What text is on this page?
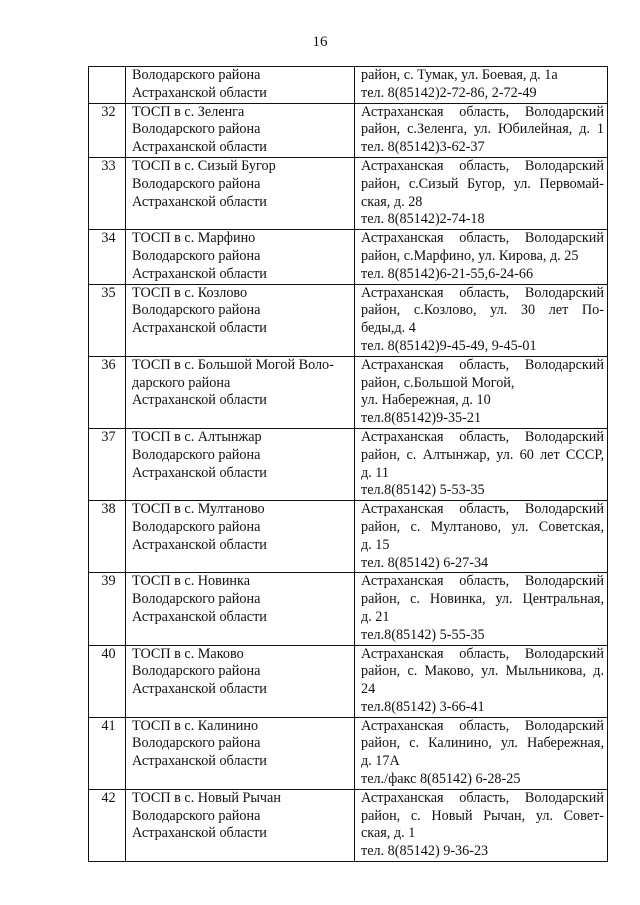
16

	Володарского района
Астраханской области	район, с. Тумак, ул. Боевая, д. 1а
тел. 8(85142)2-72-86, 2-72-49

32	ТОСП в с. Зеленга
Володарского района
Астраханской области	Астраханская область, Володарский
район, с.Зеленга, ул. Юбилейная, д. 1
тел. 8(85142)3-62-37

33	ТОСП в с. Сизый Бугор
Володарского района
Астраханской области	Астраханская область, Володарский
район, с.Сизый Бугор, ул. Первомай-
ская, д. 28
тел. 8(85142)2-74-18

34	ТОСП в с. Марфино
Володарского района
Астраханской области	Астраханская область, Володарский
район, с.Марфино, ул. Кирова, д. 25
тел. 8(85142)6-21-55,6-24-66

35	ТОСП в с. Козлово
Володарского района
Астраханской области	Астраханская область, Володарский
район, с.Козлово, ул. 30 лет По-
беды,д. 4
тел. 8(85142)9-45-49, 9-45-01

36	ТОСП в с. Большой Могой Воло-
дарского района
Астраханской области	Астраханская область, Володарский
район, с.Большой Могой,
ул. Набережная, д. 10
тел.8(85142)9-35-21

37	ТОСП в с. Алтынжар
Володарского района
Астраханской области	Астраханская область, Володарский
район, с. Алтынжар, ул. 60 лет СССР,
д. 11
тел.8(85142) 5-53-35

38	ТОСП в с. Мултаново
Володарского района
Астраханской области	Астраханская область, Володарский
район, с. Мултаново, ул. Советская,
д. 15
тел. 8(85142) 6-27-34

39	ТОСП в с. Новинка
Володарского района
Астраханской области	Астраханская область, Володарский
район, с. Новинка, ул. Центральная,
д. 21
тел.8(85142) 5-55-35

40	ТОСП в с. Маково
Володарского района
Астраханской области	Астраханская область, Володарский
район, с. Маково, ул. Мыльникова, д.
24
тел.8(85142) 3-66-41

41	ТОСП в с. Калинино
Володарского района
Астраханской области	Астраханская область, Володарский
район, с. Калинино, ул. Набережная,
д. 17А
тел./факс 8(85142) 6-28-25

42	ТОСП в с. Новый Рычан
Володарского района
Астраханской области	Астраханская область, Володарский
район, с. Новый Рычан, ул. Совет-
ская, д. 1
тел. 8(85142) 9-36-23
